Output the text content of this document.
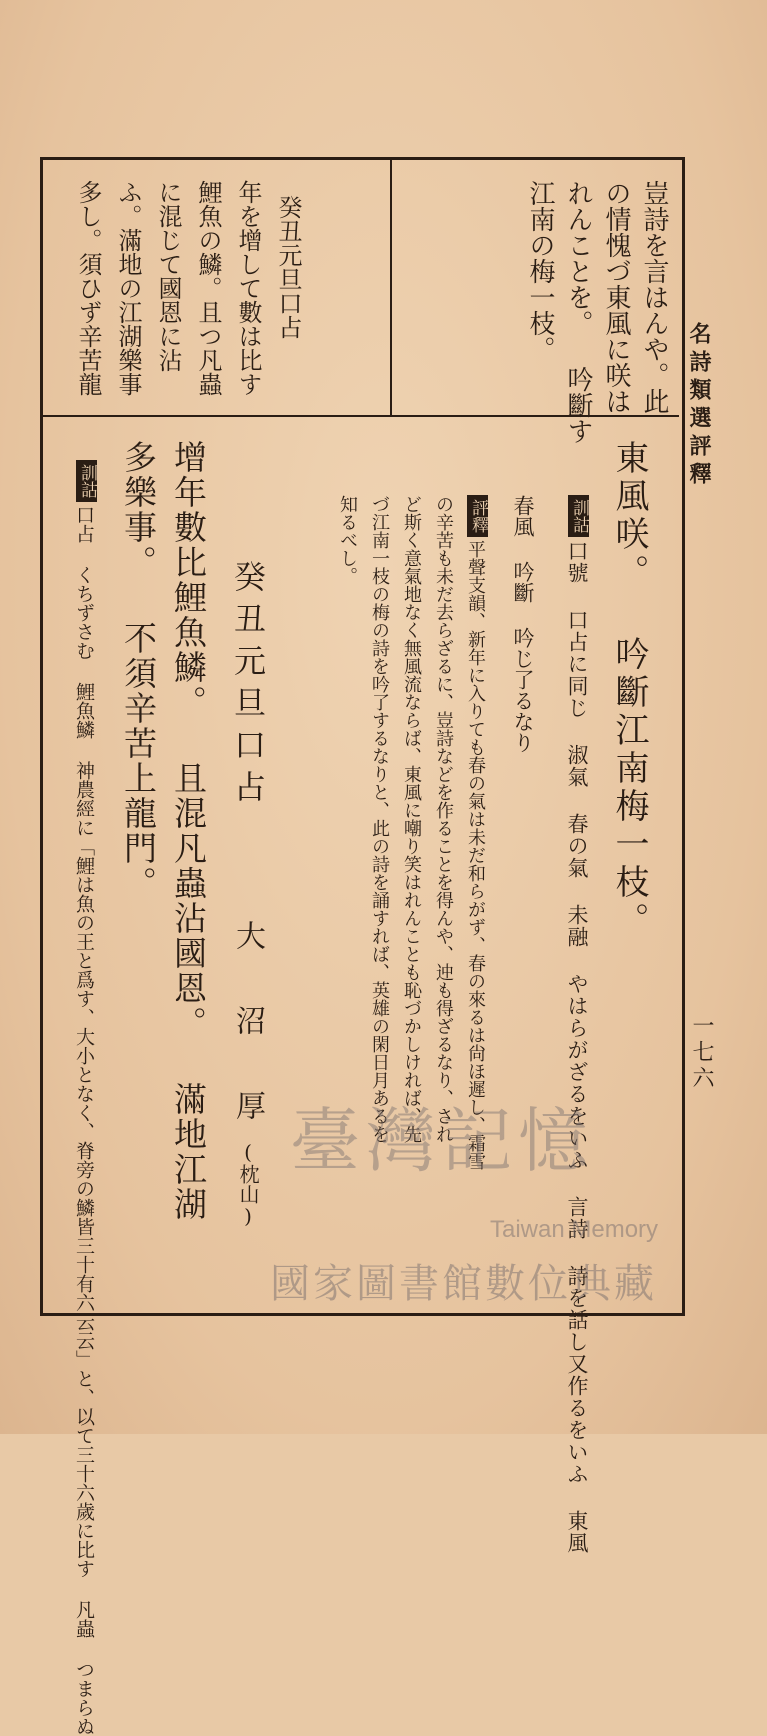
名詩類選評釋
一七六
豈詩を言はんや。此
の情愧づ東風に咲は
れんことを。 吟斷す
江南の梅一枝。
癸丑元旦口占
年を增して數は比す
鯉魚の鱗。且つ凡蟲
に混じて國恩に沾
ふ。滿地の江湖樂事
多し。須ひず辛苦龍
東風咲。 吟斷江南梅一枝。
訓詁
口號 口占に同じ 淑氣 春の氣 未融 やはらがざるをいふ 言詩 詩を話し又作るをいふ 東風
春風 吟斷 吟じ了るなり
評釋
平聲支韻、新年に入りても春の氣は未だ和らがず、春の來るは尙ほ遲し、霜雪
の辛苦も未だ去らざるに、豈詩などを作ることを得んや、迚も得ざるなり、され
ど斯く意氣地なく無風流ならば、東風に嘲り笑はれんことも恥づかしければ、先
づ江南一枝の梅の詩を吟了するなりと、此の詩を誦すれば、英雄の閑日月あるを
知るべし。
癸丑元旦口占
大 沼 厚
(枕山)
增年數比鯉魚鱗。 且混凡蟲沾國恩。 滿地江湖
多樂事。 不須辛苦上龍門。
訓詁
口占 くちずさむ 鯉魚鱗 神農經に「鯉は魚の王と爲す、大小となく、脊旁の鱗皆三十有六云云」と、以て三十六歲に比す 凡蟲 つまらぬ	臺灣記憶
Taiwan Memory
國家圖書館數位典藏
